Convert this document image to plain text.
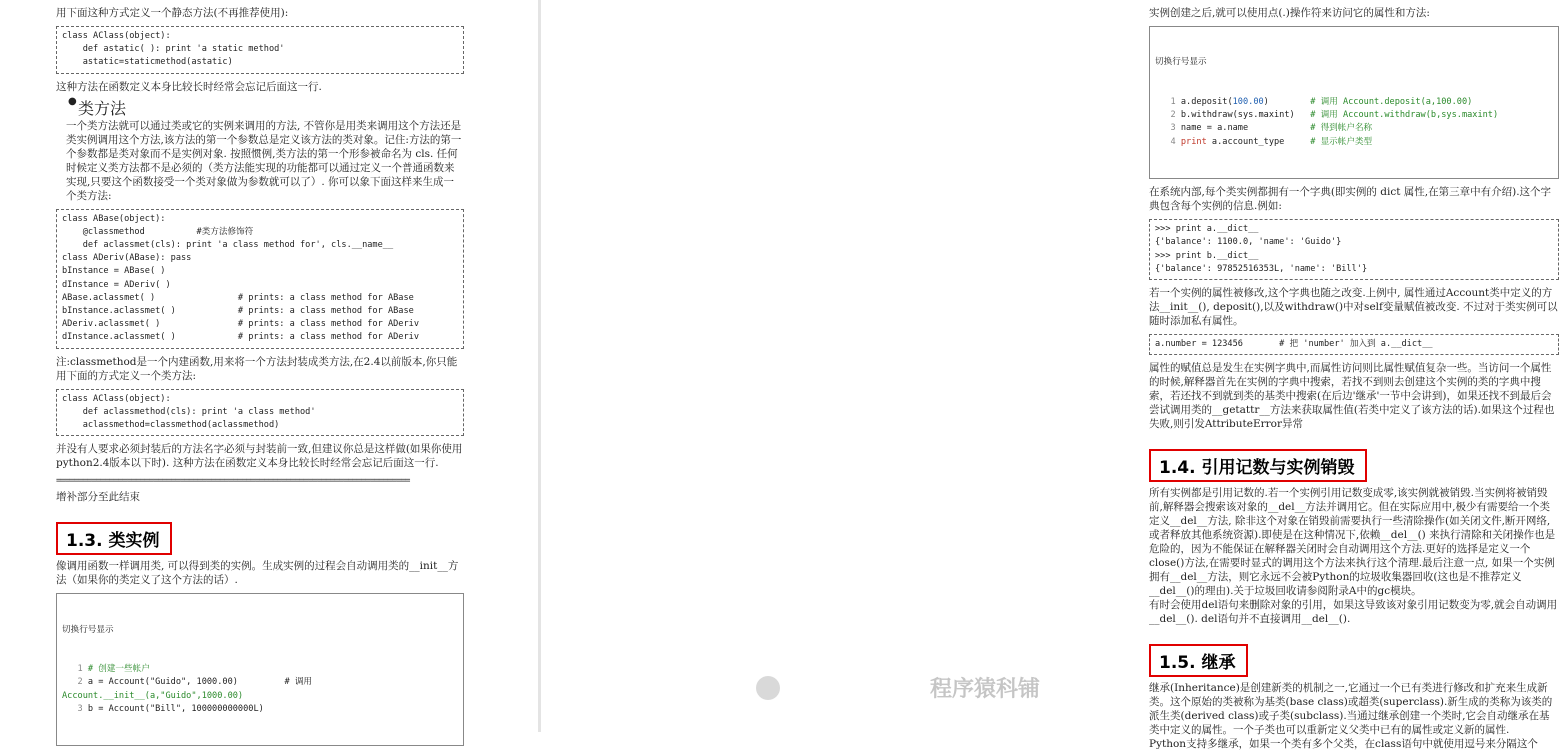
用下面这种方式定义一个静态方法(不再推荐使用):

class AClass(object):
def astatic( ): print 'a static method'
astatic=staticmethod(astatic)

这种方法在函数定义本身比较长时经常会忘记后面这一行.

● 类方法

一个类方法就可以通过类或它的实例来调用的方法, 不管你是用类来调用这个方法还是类实例调用这个方法,该方法的第一个参数总是定义该方法的类对象。记住:方法的第一个参数都是类对象而不是实例对象. 按照惯例,类方法的第一个形参被命名为 cls. 任何时候定义类方法都不是必须的（类方法能实现的功能都可以通过定义一个普通函数来实现,只要这个函数接受一个类对象做为参数就可以了）. 你可以象下面这样来生成一个类方法:

class ABase(object):
@classmethod          #类方法修饰符
def aclassmet(cls): print 'a class method for', cls.__name__
class ADeriv(ABase): pass
bInstance = ABase( )
dInstance = ADeriv( )
ABase.aclassmet( )                # prints: a class method for ABase
bInstance.aclassmet( )            # prints: a class method for ABase
ADeriv.aclassmet( )               # prints: a class method for ADeriv
dInstance.aclassmet( )            # prints: a class method for ADeriv

注:classmethod是一个内建函数,用来将一个方法封装成类方法,在2.4以前版本,你只能用下面的方式定义一个类方法:

class AClass(object):
def aclassmethod(cls): print 'a class method'
aclassmethod=classmethod(aclassmethod)

并没有人要求必须封装后的方法名字必须与封装前一致,但建议你总是这样做(如果你使用python2.4版本以下时). 这种方法在函数定义本身比较长时经常会忘记后面这一行.

================================================================================

增补部分至此结束

1.3. 类实例

像调用函数一样调用类, 可以得到类的实例。生成实例的过程会自动调用类的__init__方法（如果你的类定义了这个方法的话）.

切换行号显示

1 # 创建一些帐户
2 a = Account("Guido", 1000.00)         # 调用
Account.__init__(a,"Guido",1000.00)
3 b = Account("Bill", 100000000000L)

实例创建之后,就可以使用点(.)操作符来访问它的属性和方法:

切换行号显示

1 a.deposit(100.00)        # 调用 Account.deposit(a,100.00)
2 b.withdraw(sys.maxint)   # 调用 Account.withdraw(b,sys.maxint)
3 name = a.name            # 得到帐户名称
4 print a.account_type     # 显示帐户类型

在系统内部,每个类实例都拥有一个字典(即实例的 dict 属性,在第三章中有介绍).这个字典包含每个实例的信息.例如:

>>> print a.__dict__
{'balance': 1100.0, 'name': 'Guido'}
>>> print b.__dict__
{'balance': 97852516353L, 'name': 'Bill'}

若一个实例的属性被修改,这个字典也随之改变.上例中, 属性通过Account类中定义的方法__init__(), deposit(),以及withdraw()中对self变量赋值被改变. 不过对于类实例可以随时添加私有属性。

a.number = 123456       # 把 'number' 加入到 a.__dict__

属性的赋值总是发生在实例字典中,而属性访问则比属性赋值复杂一些。当访问一个属性的时候,解释器首先在实例的字典中搜索，若找不到则去创建这个实例的类的字典中搜索，若还找不到就到类的基类中搜索(在后边'继承'一节中会讲到)，如果还找不到最后会尝试调用类的__getattr__方法来获取属性值(若类中定义了该方法的话).如果这个过程也失败,则引发AttributeError异常

1.4. 引用记数与实例销毁

所有实例都是引用记数的.若一个实例引用记数变成零,该实例就被销毁.当实例将被销毁前,解释器会搜索该对象的__del__方法并调用它。但在实际应用中,极少有需要给一个类定义__del__方法, 除非这个对象在销毁前需要执行一些清除操作(如关闭文件,断开网络,或者释放其他系统资源).即使是在这种情况下,依赖__del__() 来执行清除和关闭操作也是危险的，因为不能保证在解释器关闭时会自动调用这个方法.更好的选择是定义一个close()方法,在需要时显式的调用这个方法来执行这个清理.最后注意一点, 如果一个实例拥有__del__方法，则它永远不会被Python的垃圾收集器回收(这也是不推荐定义__del__()的理由).关于垃圾回收请参阅附录A中的gc模块。

有时会使用del语句来删除对象的引用，如果这导致该对象引用记数变为零,就会自动调用__del__(). del语句并不直接调用__del__().

1.5. 继承

继承(Inheritance)是创建新类的机制之一,它通过一个已有类进行修改和扩充来生成新类。这个原始的类被称为基类(base class)或超类(superclass).新生成的类称为该类的派生类(derived class)或子类(subclass).当通过继承创建一个类时,它会自动继承在基类中定义的属性。一个子类也可以重新定义父类中已有的属性或定义新的属性.

Python支持多继承，如果一个类有多个父类，在class语句中就使用逗号来分隔这个

程序猿科铺
